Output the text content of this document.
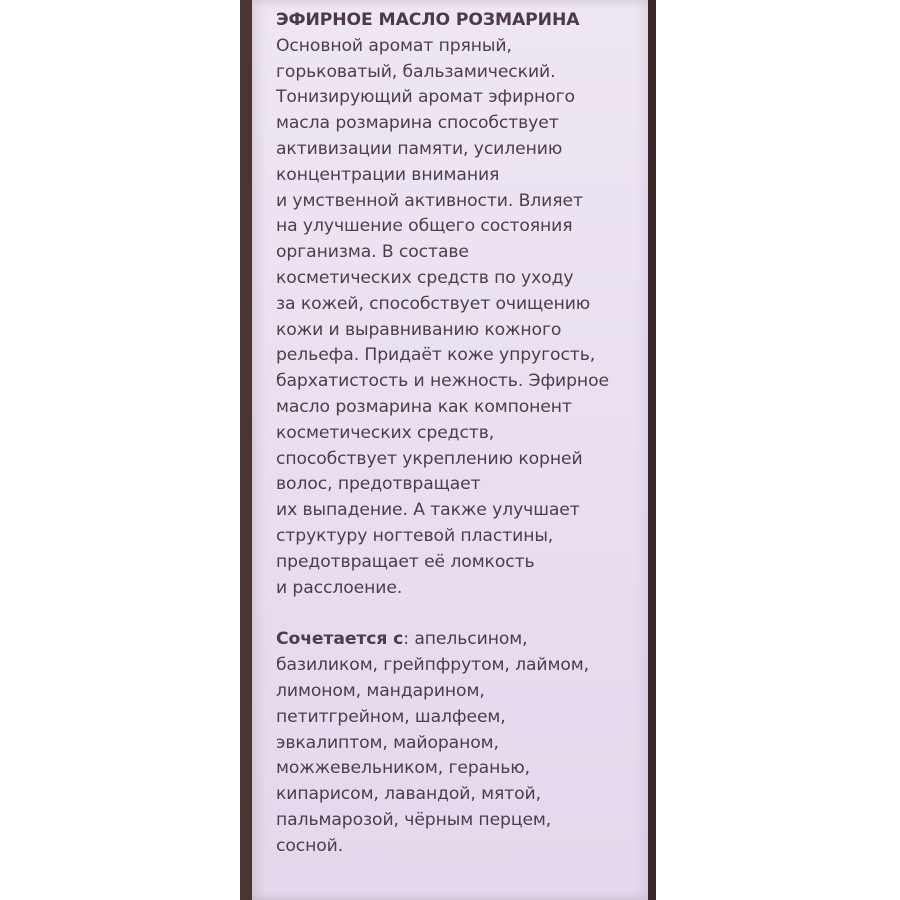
ЭФИРНОЕ МАСЛО РОЗМАРИНА
Основной аромат пряный,
горьковатый, бальзамический.
Тонизирующий аромат эфирного
масла розмарина способствует
активизации памяти, усилению
концентрации внимания
и умственной активности. Влияет
на улучшение общего состояния
организма. В составе
косметических средств по уходу
за кожей, способствует очищению
кожи и выравниванию кожного
рельефа. Придаёт коже упругость,
бархатистость и нежность. Эфирное
масло розмарина как компонент
косметических средств,
способствует укреплению корней
волос, предотвращает
их выпадение. А также улучшает
структуру ногтевой пластины,
предотвращает её ломкость
и расслоение.
Сочетается с: апельсином,
базиликом, грейпфрутом, лаймом,
лимоном, мандарином,
петитгрейном, шалфеем,
эвкалиптом, майораном,
можжевельником, геранью,
кипарисом, лавандой, мятой,
пальмарозой, чёрным перцем,
сосной.
